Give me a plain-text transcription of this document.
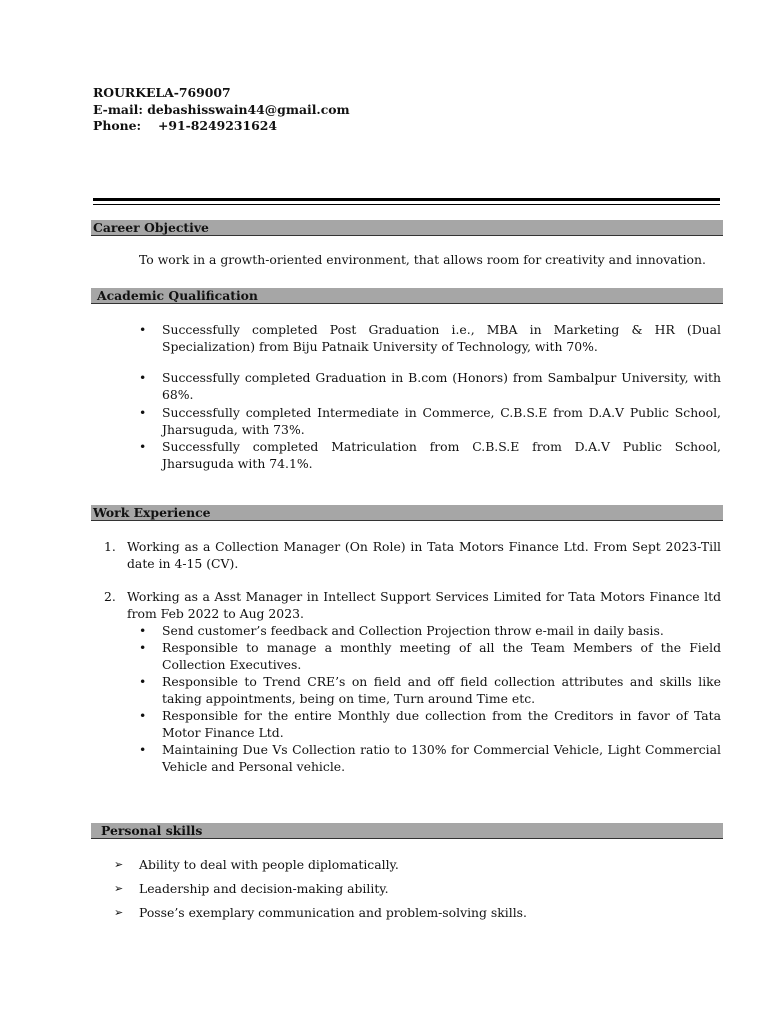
ROURKELA-769007
E-mail: debashisswain44@gmail.com
Phone: +91-8249231624
Career Objective
To work in a growth-oriented environment, that allows room for creativity and innovation.
Academic Qualification
• Successfully completed Post Graduation i.e., MBA in Marketing & HR (Dual Specialization) from Biju Patnaik University of Technology, with 70%.
• Successfully completed Graduation in B.com (Honors) from Sambalpur University, with 68%.
• Successfully completed Intermediate in Commerce, C.B.S.E from D.A.V Public School, Jharsuguda, with 73%.
• Successfully completed Matriculation from C.B.S.E from D.A.V Public School, Jharsuguda with 74.1%.
Work Experience
1. Working as a Collection Manager (On Role) in Tata Motors Finance Ltd. From Sept 2023-Till date in 4-15 (CV).
2. Working as a Asst Manager in Intellect Support Services Limited for Tata Motors Finance ltd from Feb 2022 to Aug 2023.
• Send customer’s feedback and Collection Projection throw e-mail in daily basis.
• Responsible to manage a monthly meeting of all the Team Members of the Field Collection Executives.
• Responsible to Trend CRE’s on field and off field collection attributes and skills like taking appointments, being on time, Turn around Time etc.
• Responsible for the entire Monthly due collection from the Creditors in favor of Tata Motor Finance Ltd.
• Maintaining Due Vs Collection ratio to 130% for Commercial Vehicle, Light Commercial Vehicle and Personal vehicle.
Personal skills
➢ Ability to deal with people diplomatically.
➢ Leadership and decision-making ability.
➢ Posse’s exemplary communication and problem-solving skills.
